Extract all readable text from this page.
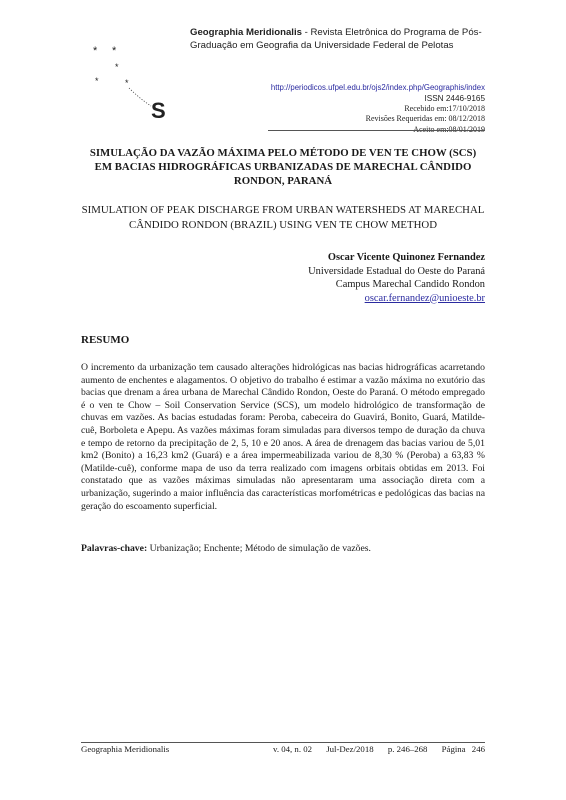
* *
*
*	*
S
Geographia Meridionalis - Revista Eletrônica do Programa de Pós-Graduação em Geografia da Universidade Federal de Pelotas
http://periodicos.ufpel.edu.br/ojs2/index.php/Geographis/index
ISSN 2446-9165
Recebido em:17/10/2018
Revisões Requeridas em: 08/12/2018
Aceito em:08/01/2019
SIMULAÇÃO DA VAZÃO MÁXIMA PELO MÉTODO DE VEN TE CHOW (SCS) EM BACIAS HIDROGRÁFICAS URBANIZADAS DE MARECHAL CÂNDIDO RONDON, PARANÁ
SIMULATION OF PEAK DISCHARGE FROM URBAN WATERSHEDS AT MARECHAL CÂNDIDO RONDON (BRAZIL) USING VEN TE CHOW METHOD
Oscar Vicente Quinonez Fernandez
Universidade Estadual do Oeste do Paraná
Campus Marechal Candido Rondon
oscar.fernandez@unioeste.br
RESUMO
O incremento da urbanização tem causado alterações hidrológicas nas bacias hidrográficas acarretando aumento de enchentes e alagamentos. O objetivo do trabalho é estimar a vazão máxima no exutório das bacias que drenam a área urbana de Marechal Cândido Rondon, Oeste do Paraná. O método empregado é o ven te Chow – Soil Conservation Service (SCS), um modelo hidrológico de transformação de chuvas em vazões. As bacias estudadas foram: Peroba, cabeceira do Guavirá, Bonito, Guará, Matilde-cuê, Borboleta e Apepu. As vazões máximas foram simuladas para diversos tempo de duração da chuva e tempo de retorno da precipitação de 2, 5, 10 e 20 anos. A área de drenagem das bacias variou de 5,01 km2 (Bonito) a 16,23 km2 (Guará) e a área impermeabilizada variou de 8,30 % (Peroba) a 63,83 % (Matilde-cuê), conforme mapa de uso da terra realizado com imagens orbitais obtidas em 2013. Foi constatado que as vazões máximas simuladas não apresentaram uma associação direta com a urbanização, sugerindo a maior influência das características morfométricas e pedológicas das bacias na geração do escoamento superficial.
Palavras-chave: Urbanização; Enchente; Método de simulação de vazões.
Geographia Meridionalis	v. 04, n. 02 Jul-Dez/2018 p. 246–268 Página 246
